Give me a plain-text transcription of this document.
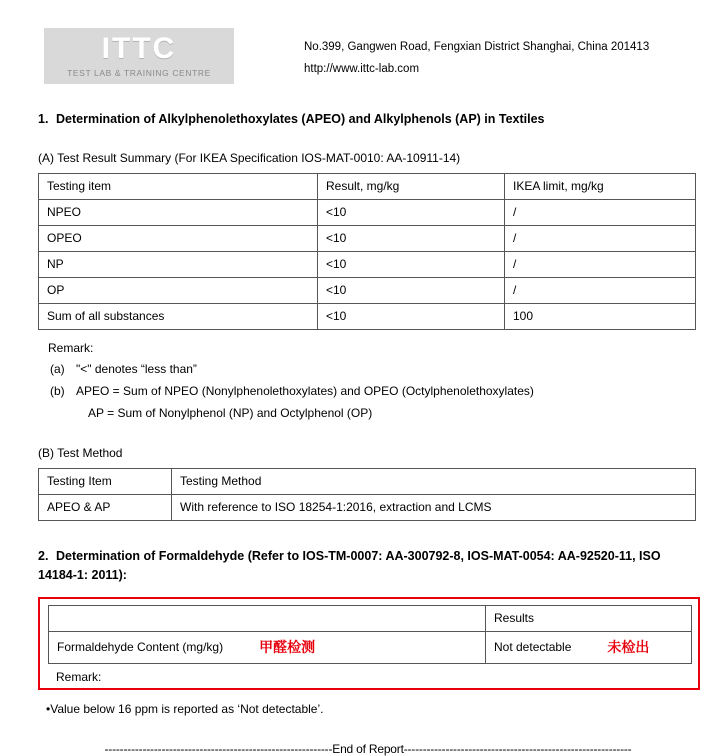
ITTC
TEST LAB & TRAINING CENTRE
No.399, Gangwen Road, Fengxian District Shanghai, China 201413
http://www.ittc-lab.com
1. Determination of Alkylphenolethoxylates (APEO) and Alkylphenols (AP) in Textiles
(A) Test Result Summary (For IKEA Specification IOS-MAT-0010: AA-10911-14)
Testing item	Result, mg/kg	IKEA limit, mg/kg
NPEO	<10	/
OPEO	<10	/
NP	<10	/
OP	<10	/
Sum of all substances	<10	100
Remark:
(a) "<" denotes “less than”
(b) APEO = Sum of NPEO (Nonylphenolethoxylates) and OPEO (Octylphenolethoxylates)
AP = Sum of Nonylphenol (NP) and Octylphenol (OP)
(B) Test Method
Testing Item	Testing Method
APEO & AP	With reference to ISO 18254-1:2016, extraction and LCMS
2. Determination of Formaldehyde (Refer to IOS-TM-0007: AA-300792-8, IOS-MAT-0054: AA-92520-11, ISO
14184-1: 2011):
	Results

Formaldehyde Content (mg/kg) 甲醛检测	Not detectable 未检出
Remark:
•Value below 16 ppm is reported as ‘Not detectable’.
------------------------------------------------------------End of Report------------------------------------------------------------
